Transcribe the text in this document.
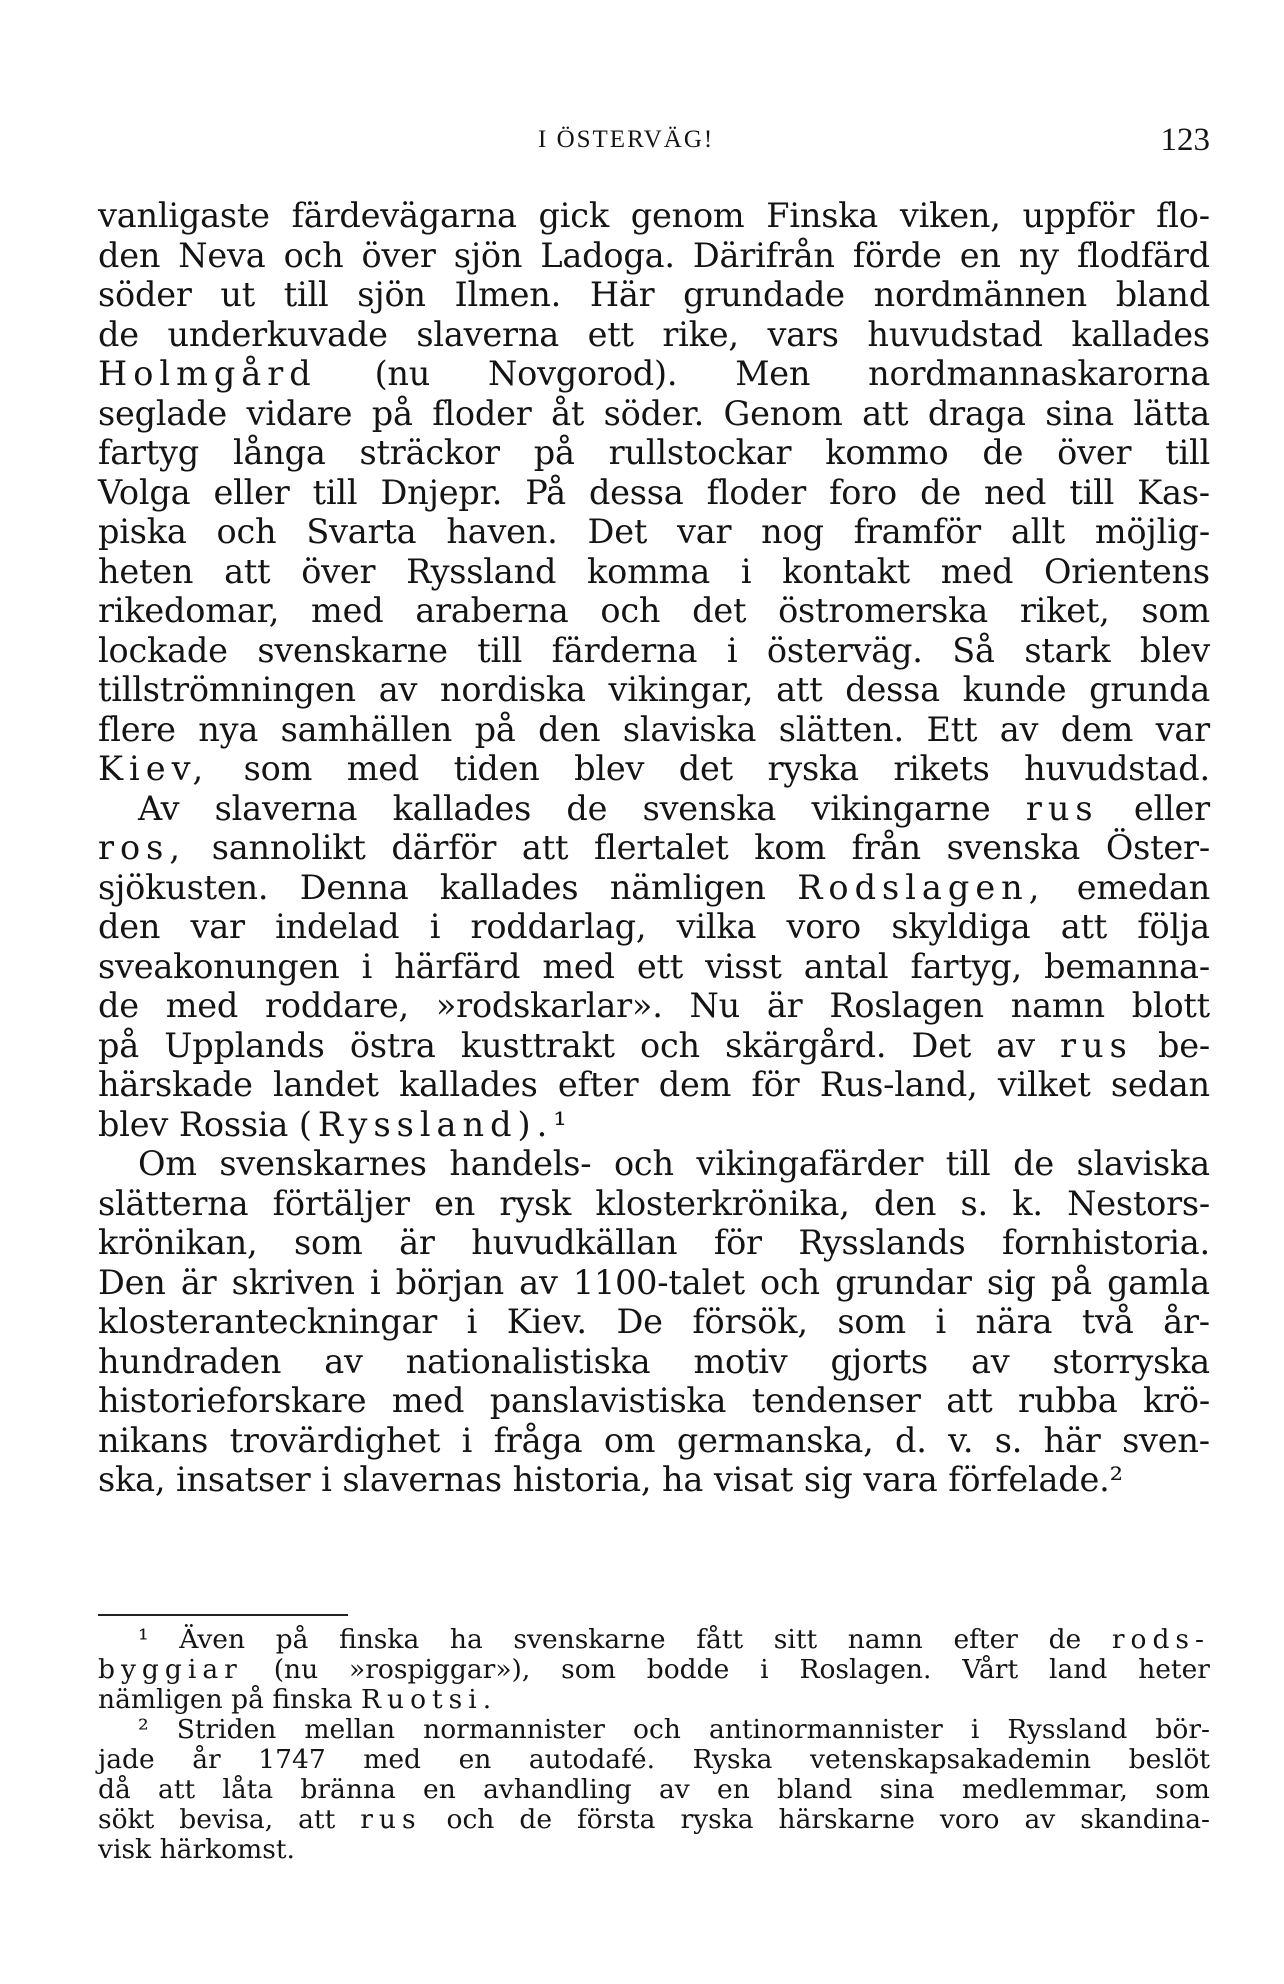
I ÖSTERVÄG!	123
vanligaste färdevägarna gick genom Finska viken, uppför flo-
den Neva och över sjön Ladoga. Därifrån förde en ny flodfärd
söder ut till sjön Ilmen. Här grundade nordmännen bland
de underkuvade slaverna ett rike, vars huvudstad kallades
Holmgård (nu Novgorod). Men nordmannaskarorna
seglade vidare på floder åt söder. Genom att draga sina lätta
fartyg långa sträckor på rullstockar kommo de över till
Volga eller till Dnjepr. På dessa floder foro de ned till Kas-
piska och Svarta haven. Det var nog framför allt möjlig-
heten att över Ryssland komma i kontakt med Orientens
rikedomar, med araberna och det östromerska riket, som
lockade svenskarne till färderna i österväg. Så stark blev
tillströmningen av nordiska vikingar, att dessa kunde grunda
flere nya samhällen på den slaviska slätten. Ett av dem var
Kiev, som med tiden blev det ryska rikets huvudstad.
Av slaverna kallades de svenska vikingarne rus eller
ros, sannolikt därför att flertalet kom från svenska Öster-
sjökusten. Denna kallades nämligen Rodslagen, emedan
den var indelad i roddarlag, vilka voro skyldiga att följa
sveakonungen i härfärd med ett visst antal fartyg, bemanna-
de med roddare, »rodskarlar». Nu är Roslagen namn blott
på Upplands östra kusttrakt och skärgård. Det av rus be-
härskade landet kallades efter dem för Rus-land, vilket sedan
blev Rossia (Ryssland).¹
Om svenskarnes handels- och vikingafärder till de slaviska
slätterna förtäljer en rysk klosterkrönika, den s. k. Nestors-
krönikan, som är huvudkällan för Rysslands fornhistoria.
Den är skriven i början av 1100-talet och grundar sig på gamla
klosteranteckningar i Kiev. De försök, som i nära två år-
hundraden av nationalistiska motiv gjorts av storryska
historieforskare med panslavistiska tendenser att rubba krö-
nikans trovärdighet i fråga om germanska, d. v. s. här sven-
ska, insatser i slavernas historia, ha visat sig vara förfelade.²
¹ Även på finska ha svenskarne fått sitt namn efter de rods-
byggiar (nu »rospiggar»), som bodde i Roslagen. Vårt land heter
nämligen på finska Ruotsi.
² Striden mellan normannister och antinormannister i Ryssland bör-
jade år 1747 med en autodafé. Ryska vetenskapsakademin beslöt
då att låta bränna en avhandling av en bland sina medlemmar, som
sökt bevisa, att rus och de första ryska härskarne voro av skandina-
visk härkomst.
